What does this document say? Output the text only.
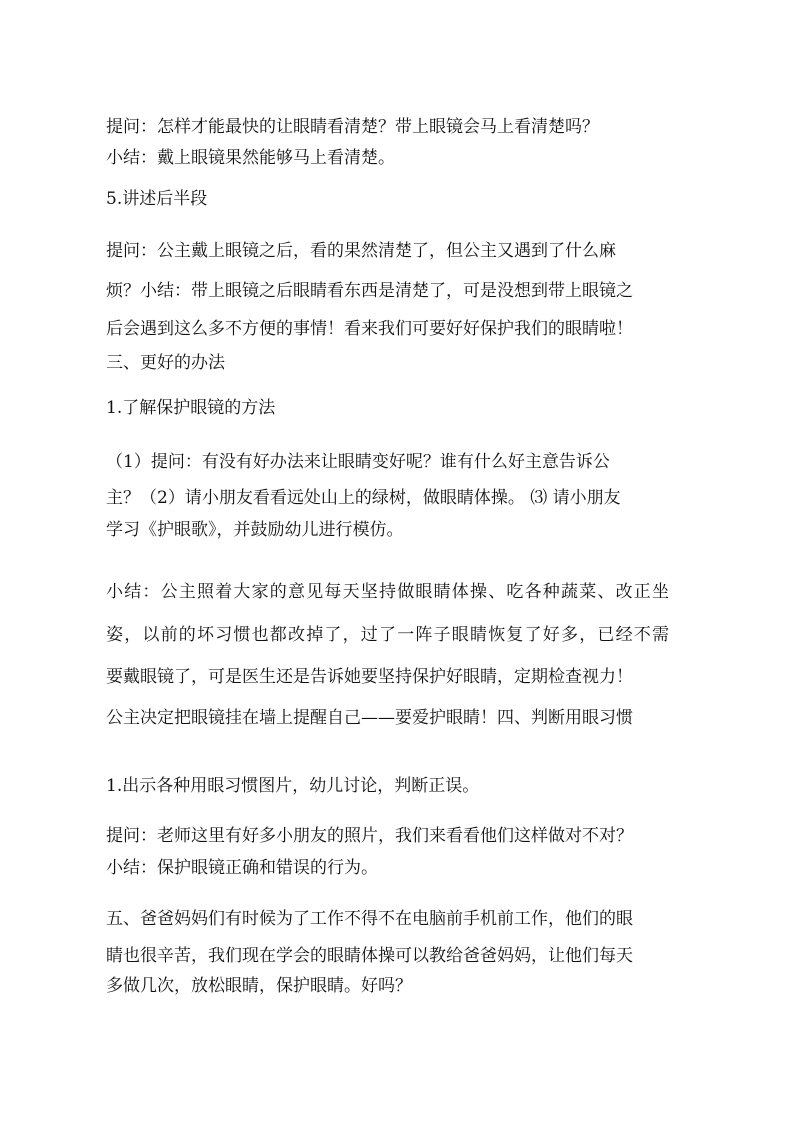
提问：怎样才能最快的让眼睛看清楚？带上眼镜会马上看清楚吗？
小结：戴上眼镜果然能够马上看清楚。
5.讲述后半段
提问：公主戴上眼镜之后，看的果然清楚了，但公主又遇到了什么麻
烦？小结：带上眼镜之后眼睛看东西是清楚了，可是没想到带上眼镜之
后会遇到这么多不方便的事情！看来我们可要好好保护我们的眼睛啦！
三、更好的办法
1.了解保护眼镜的方法
（1）提问：有没有好办法来让眼睛变好呢？谁有什么好主意告诉公
主？（2）请小朋友看看远处山上的绿树，做眼睛体操。 ⑶ 请小朋友
学习《护眼歌》，并鼓励幼儿进行模仿。
小结：公主照着大家的意见每天坚持做眼睛体操、吃各种蔬菜、改正坐
姿，以前的坏习惯也都改掉了，过了一阵子眼睛恢复了好多，已经不需
要戴眼镜了，可是医生还是告诉她要坚持保护好眼睛，定期检查视力！
公主决定把眼镜挂在墙上提醒自己——要爱护眼睛！四、判断用眼习惯
1.出示各种用眼习惯图片，幼儿讨论，判断正误。
提问：老师这里有好多小朋友的照片，我们来看看他们这样做对不对？
小结：保护眼镜正确和错误的行为。
五、爸爸妈妈们有时候为了工作不得不在电脑前手机前工作，他们的眼
睛也很辛苦，我们现在学会的眼睛体操可以教给爸爸妈妈，让他们每天
多做几次，放松眼睛，保护眼睛。好吗？
